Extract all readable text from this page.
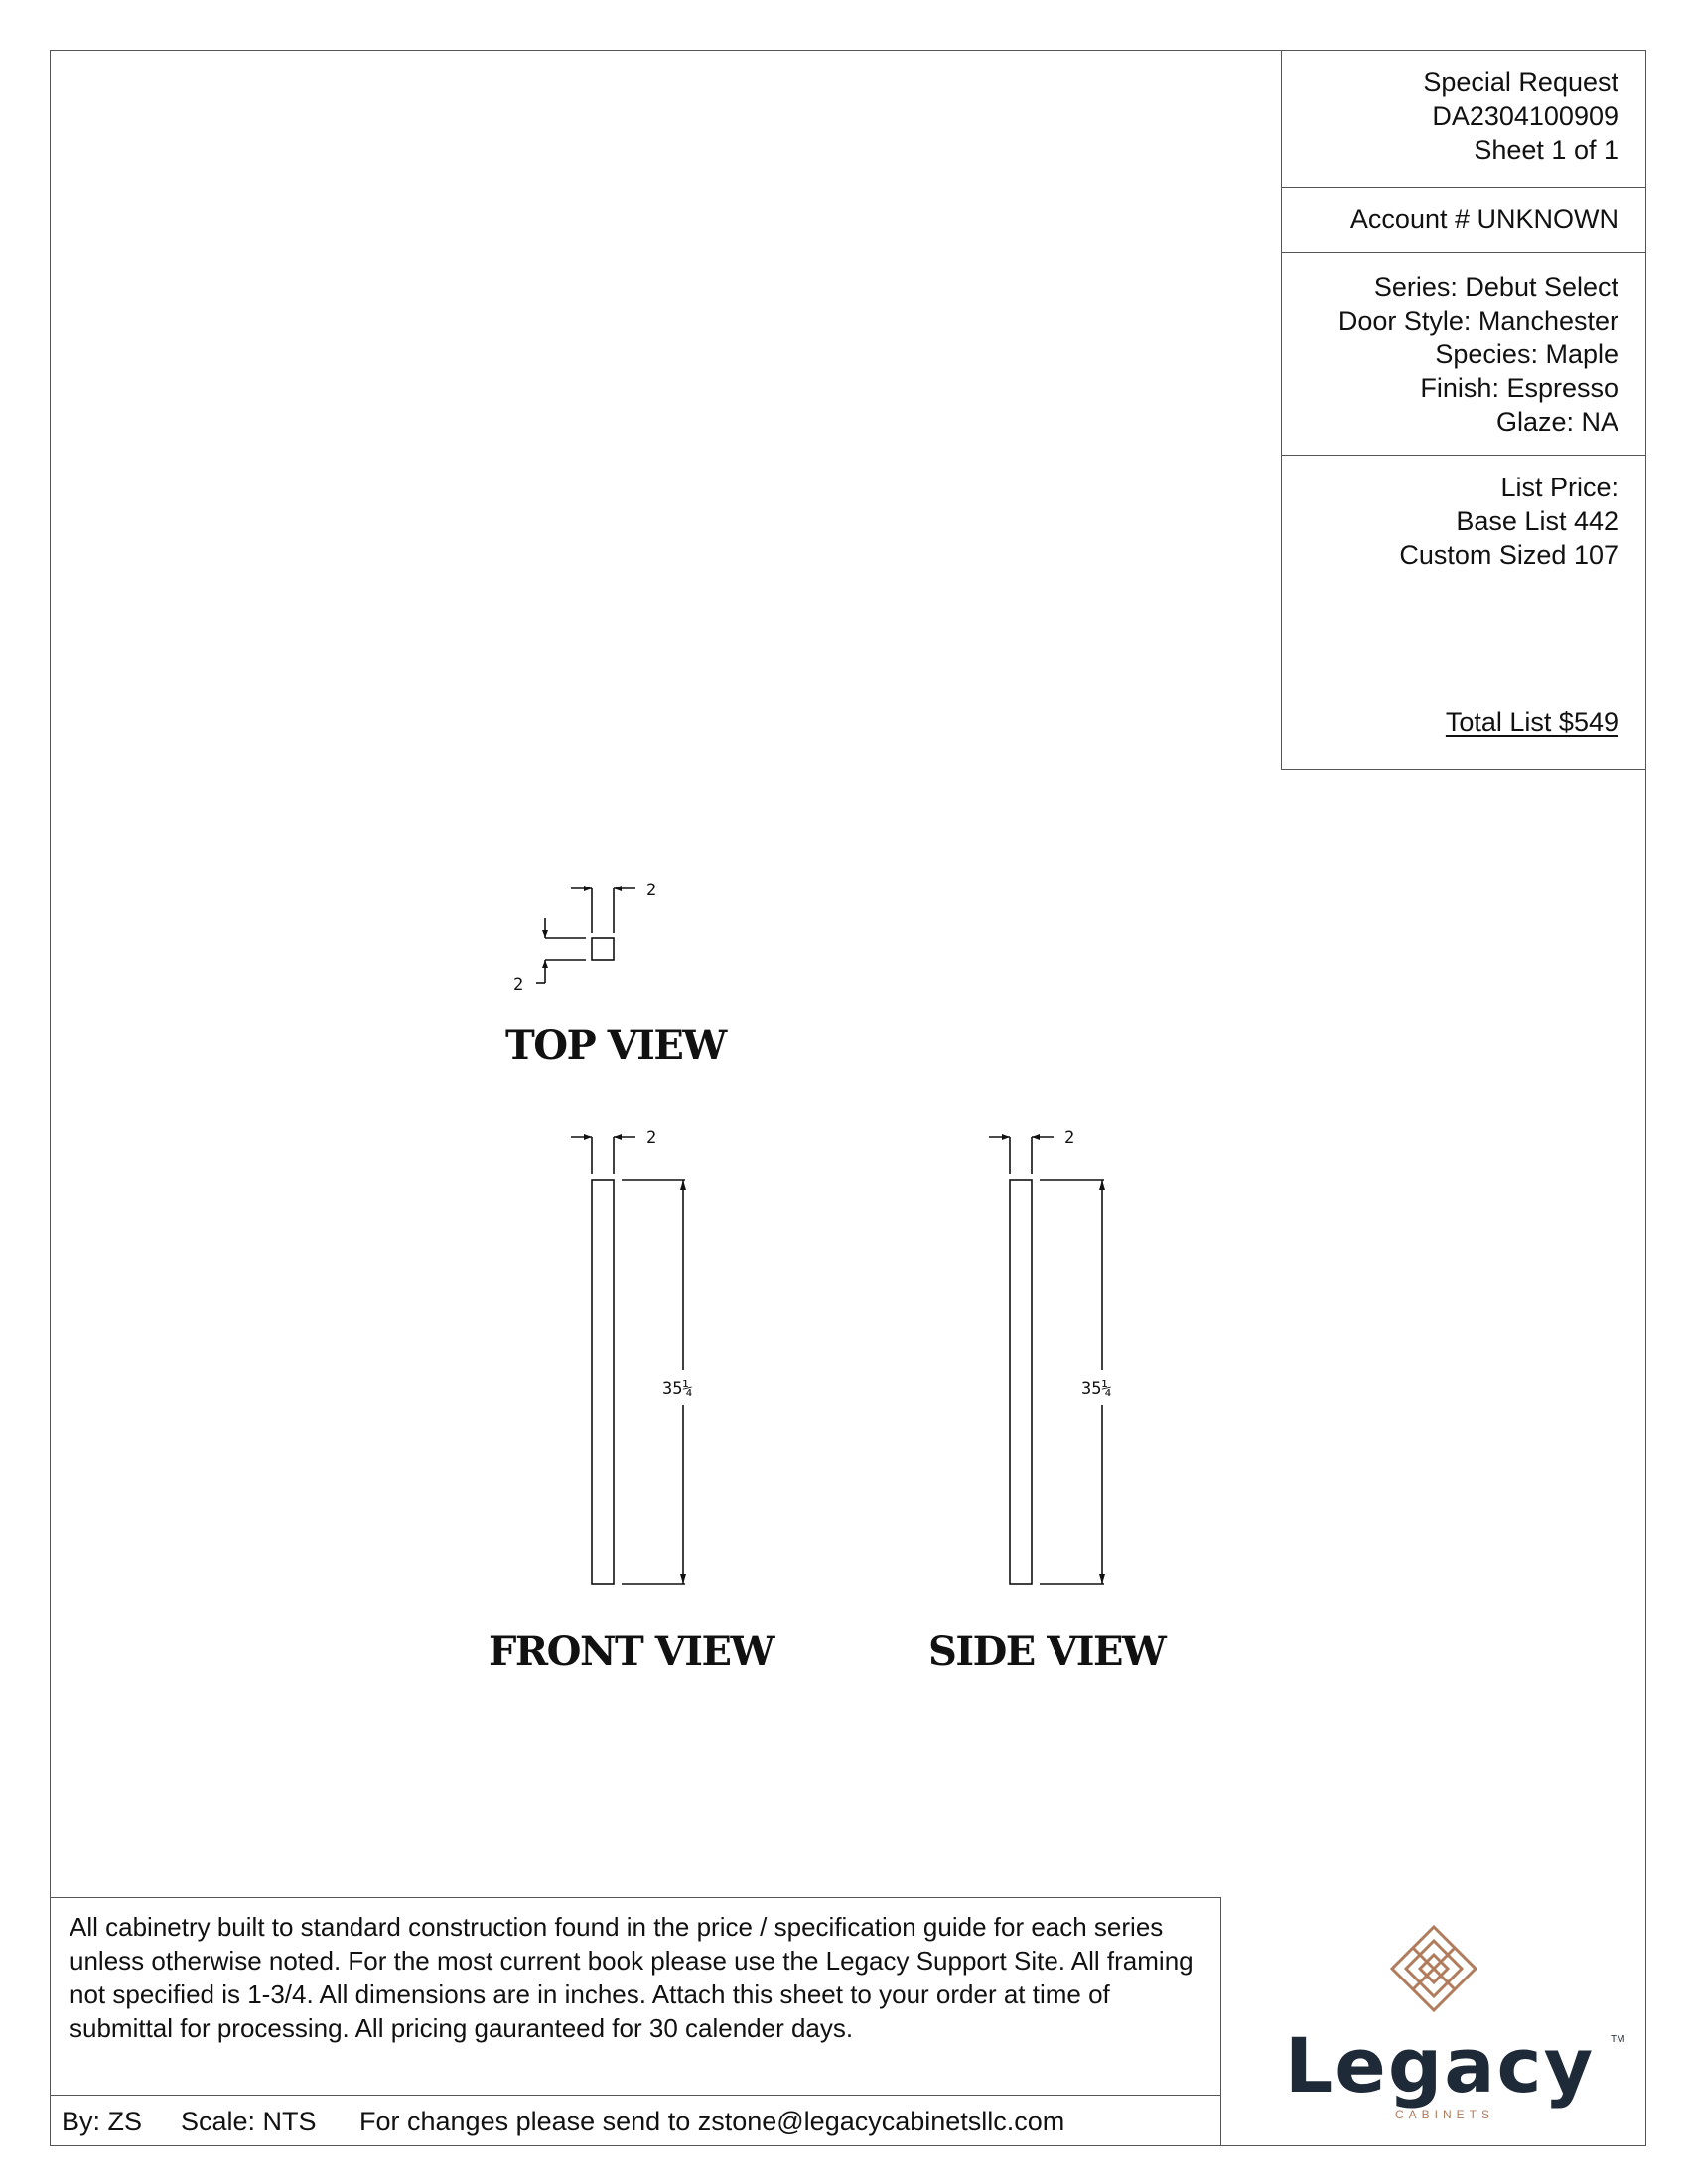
Special Request
DA2304100909
Sheet 1 of 1
Account # UNKNOWN
Series: Debut Select
Door Style: Manchester
Species: Maple
Finish: Espresso
Glaze: NA
List Price:
Base List 442
Custom Sized 107
Total List $549
2
2
2
35¼
2
35¼
TOP VIEW
FRONT VIEW	SIDE VIEW
All cabinetry built to standard construction found in the price / specification guide for each series unless otherwise noted. For the most current book please use the Legacy Support Site. All framing not specified is 1-3/4. All dimensions are in inches. Attach this sheet to your order at time of submittal for processing. All pricing gauranteed for 30 calender days.
By: ZS Scale: NTS For changes please send to zstone@legacycabinetsllc.com
Legacy	TM
CABINETS
